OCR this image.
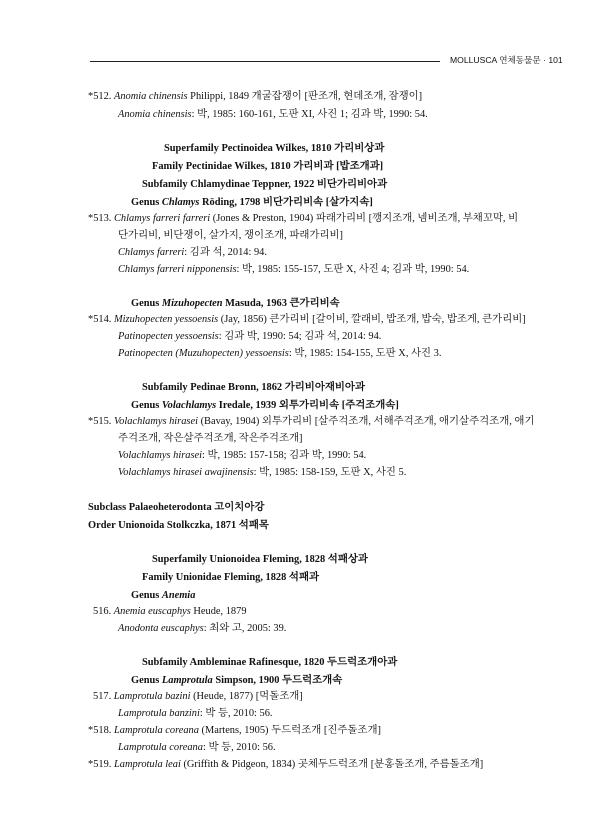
MOLLUSCA 연체동물문 · 101
*512. Anomia chinensis Philippi, 1849 개굴잡쟁이 [판조개, 현데조개, 잠쟁이]
Anomia chinensis: 박, 1985: 160-161, 도판 XI, 사진 1; 김과 박, 1990: 54.
Superfamily Pectinoidea Wilkes, 1810 가리비상과
Family Pectinidae Wilkes, 1810 가리비과 [밥조개과]
Subfamily Chlamydinae Teppner, 1922 비단가리비아과
Genus Chlamys Röding, 1798 비단가리비속 [살가지속]
*513. Chlamys farreri farreri (Jones & Preston, 1904) 파래가리비 [깽지조개, 넴비조개, 부채꼬막, 비
단가리비, 비단쟁이, 살가지, 쟁이조개, 파래가리비]
Chlamys farreri: 김과 석, 2014: 94.
Chlamys farreri nipponensis: 박, 1985: 155-157, 도판 X, 사진 4; 김과 박, 1990: 54.
Genus Mizuhopecten Masuda, 1963 큰가리비속
*514. Mizuhopecten yessoensis (Jay, 1856) 큰가리비 [갈이비, 깔래비, 밥조개, 밥숙, 밥조게, 큰가리비]
Patinopecten yessoensis: 김과 박, 1990: 54; 김과 석, 2014: 94.
Patinopecten (Muzuhopecten) yessoensis: 박, 1985: 154-155, 도판 X, 사진 3.
Subfamily Pedinae Bronn, 1862 가리비아재비아과
Genus Volachlamys Iredale, 1939 외투가리비속 [주걱조개속]
*515. Volachlamys hirasei (Bavay, 1904) 외투가리비 [살주걱조개, 서해주걱조개, 애기살주걱조개, 애기
주걱조개, 작은살주걱조개, 작은주걱조개]
Volachlamys hirasei: 박, 1985: 157-158; 김과 박, 1990: 54.
Volachlamys hirasei awajinensis: 박, 1985: 158-159, 도판 X, 사진 5.
Subclass Palaeoheterodonta 고이치아강
Order Unionoida Stolkczka, 1871 석패목
Superfamily Unionoidea Fleming, 1828 석패상과
Family Unionidae Fleming, 1828 석패과
Genus Anemia
516. Anemia euscaphys Heude, 1879
Anodonta euscaphys: 최와 고, 2005: 39.
Subfamily Ambleminae Rafinesque, 1820 두드럭조개아과
Genus Lamprotula Simpson, 1900 두드럭조개속
517. Lamprotula bazini (Heude, 1877) [먹돌조개]
Lamprotula banzini: 박 등, 2010: 56.
*518. Lamprotula coreana (Martens, 1905) 두드럭조개 [진주돌조개]
Lamprotula coreana: 박 등, 2010: 56.
*519. Lamprotula leai (Griffith & Pidgeon, 1834) 곳체두드럭조개 [분홍돌조개, 주름돌조개]
